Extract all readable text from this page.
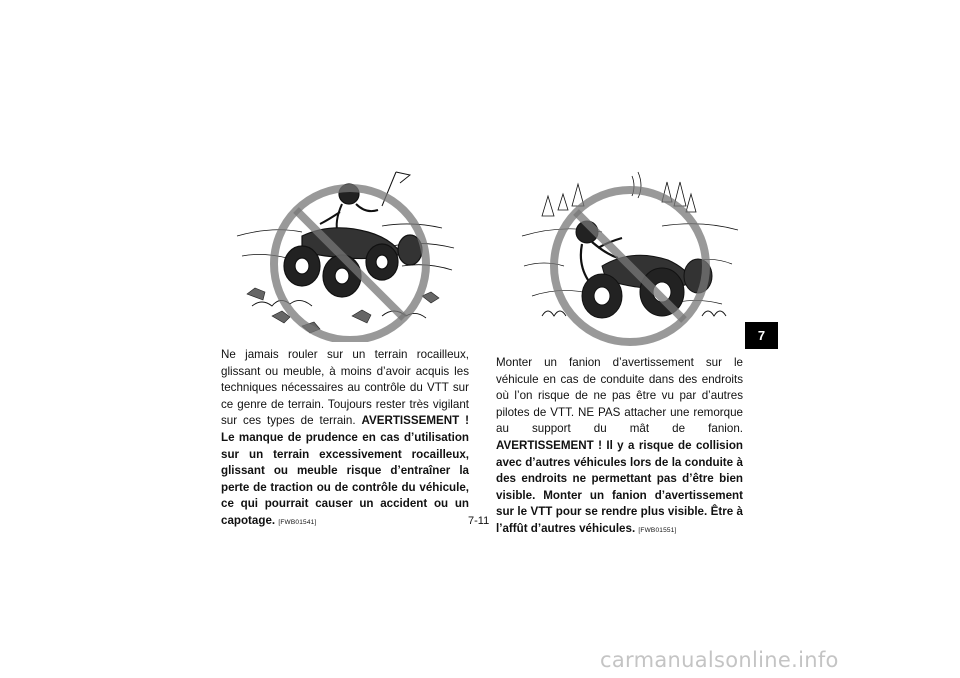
Ne jamais rouler sur un terrain rocailleux, glissant ou meuble, à moins d’avoir acquis les techniques nécessaires au contrôle du VTT sur ce genre de terrain. Toujours rester très vigilant sur ces types de terrain. AVERTISSEMENT ! Le manque de prudence en cas d’utilisation sur un terrain excessivement rocailleux, glissant ou meuble risque d’entraîner la perte de traction ou de contrôle du véhicule, ce qui pourrait causer un accident ou un capotage. [FWB01541]
Monter un fanion d’avertissement sur le véhicule en cas de conduite dans des endroits où l’on risque de ne pas être vu par d’autres pilotes de VTT. NE PAS attacher une remorque au support du mât de fanion. AVERTISSEMENT ! Il y a risque de collision avec d’autres véhicules lors de la conduite à des endroits ne permettant pas d’être bien visible. Monter un fanion d’avertissement sur le VTT pour se rendre plus visible. Être à l’affût d’autres véhicules. [FWB01551]
7-11
7
carmanualsonline.info
